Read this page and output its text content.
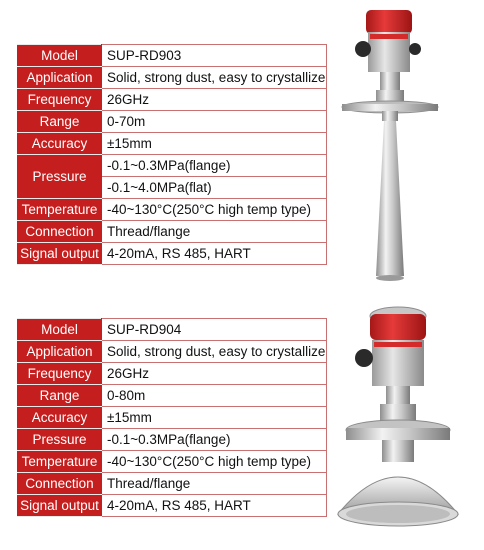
Model	SUP-RD903
Application	Solid, strong dust, easy to crystallize
Frequency	26GHz
Range	0-70m
Accuracy	±15mm
Pressure	-0.1~0.3MPa(flange)
	-0.1~4.0MPa(flat)
Temperature	-40~130°C(250°C high temp type)
Connection	Thread/flange
Signal output	4-20mA, RS 485, HART
Model	SUP-RD904
Application	Solid, strong dust, easy to crystallize
Frequency	26GHz
Range	0-80m
Accuracy	±15mm
Pressure	-0.1~0.3MPa(flange)
Temperature	-40~130°C(250°C high temp type)
Connection	Thread/flange
Signal output	4-20mA, RS 485, HART
